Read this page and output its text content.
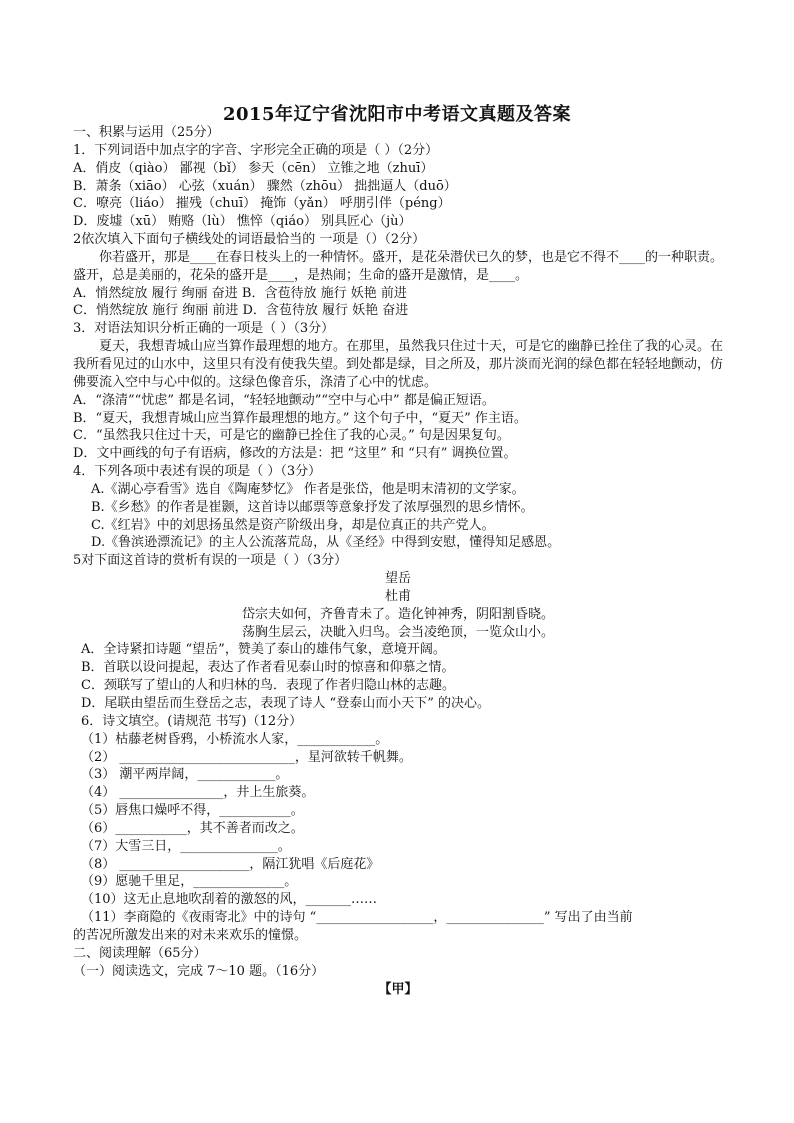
2015年辽宁省沈阳市中考语文真题及答案
一、积累与运用（25分）
1．下列词语中加点字的字音、字形完全正确的项是（ ）（2分）
A．俏皮（qiào） 鄙视（bǐ） 参天（cēn） 立锥之地（zhuī）
B．萧条（xiāo） 心弦（xuán） 骤然（zhōu） 拙拙逼人（duō）
C．嘹亮（liáo） 摧残（chuī） 掩饰（yǎn） 呼朋引伴（péng）
D．废墟（xū） 贿赂（lù） 憔悴（qiáo） 别具匠心（jù）
2依次填入下面句子横线处的词语最恰当的 一项是（）（2分）
你若盛开，那是____在春日枝头上的一种情怀。盛开，是花朵潜伏已久的梦，也是它不得不____的一种职责。盛开，总是美丽的，花朵的盛开是____，是热闹；生命的盛开是激情，是____。
A．悄然绽放 履行 绚丽 奋进 B．含苞待放 施行 妖艳 前进
C．悄然绽放 施行 绚丽 前进 D．含苞待放 履行 妖艳 奋进
3．对语法知识分析正确的一项是（ ）（3分）
夏天，我想青城山应当算作最理想的地方。在那里，虽然我只住过十天，可是它的幽静已拴住了我的心灵。在我所看见过的山水中，这里只有没有使我失望。到处都是绿，目之所及，那片淡而光润的绿色都在轻轻地颤动，仿佛要流入空中与心中似的。这绿色像音乐，涤清了心中的忧虑。
A．“涤清”“忧虑” 都是名词，“轻轻地颤动”“空中与心中” 都是偏正短语。
B．“夏天，我想青城山应当算作最理想的地方。” 这个句子中，“夏天” 作主语。
C．“虽然我只住过十天，可是它的幽静已拴住了我的心灵。” 句是因果复句。
D．文中画线的句子有语病，修改的方法是：把 “这里” 和 “只有” 调换位置。
4．下列各项中表述有误的项是（ ）（3分）
A.《湖心亭看雪》选自《陶庵梦忆》 作者是张岱，他是明末清初的文学家。
B.《乡愁》的作者是崔颢，这首诗以邮票等意象抒发了浓厚强烈的思乡情怀。
C.《红岩》中的刘思扬虽然是资产阶级出身，却是位真正的共产党人。
D.《鲁滨逊漂流记》的主人公流落荒岛，从《圣经》中得到安慰，懂得知足感恩。
5对下面这首诗的赏析有误的一项是（ ）（3分）
望岳
杜甫
岱宗夫如何，齐鲁青未了。造化钟神秀，阴阳割昏晓。
荡胸生层云，决眦入归鸟。会当凌绝顶，一览众山小。
A．全诗紧扣诗题 “望岳”，赞美了泰山的雄伟气象，意境开阔。
B．首联以设问提起，表达了作者看见泰山时的惊喜和仰慕之情。
C．颈联写了望山的人和归林的鸟．表现了作者归隐山林的志趣。
D．尾联由望岳而生登岳之志，表现了诗人 “登泰山而小天下” 的决心。
6．诗文填空。(请规范 书写)（12分）
（1）枯藤老树昏鸦，小桥流水人家，____________。
（2） ___________________________，星河欲转千帆舞。
（3） 潮平两岸阔，____________。
（4） ________________，井上生旅葵。
（5）唇焦口燥呼不得，___________。
（6）___________，其不善者而改之。
（7）大雪三日，_______________。
（8） ____________________，隔江犹唱《后庭花》
（9）愿驰千里足，______________。
（10）这无止息地吹刮着的激怒的风，_______……
（11）李商隐的《夜雨寄北》中的诗句 “__________________，_______________” 写出了由当前
的苦况所激发出来的对未来欢乐的憧憬。
二、阅读理解（65分）
（一）阅读选文，完成 7～10 题。（16分）
【甲】
